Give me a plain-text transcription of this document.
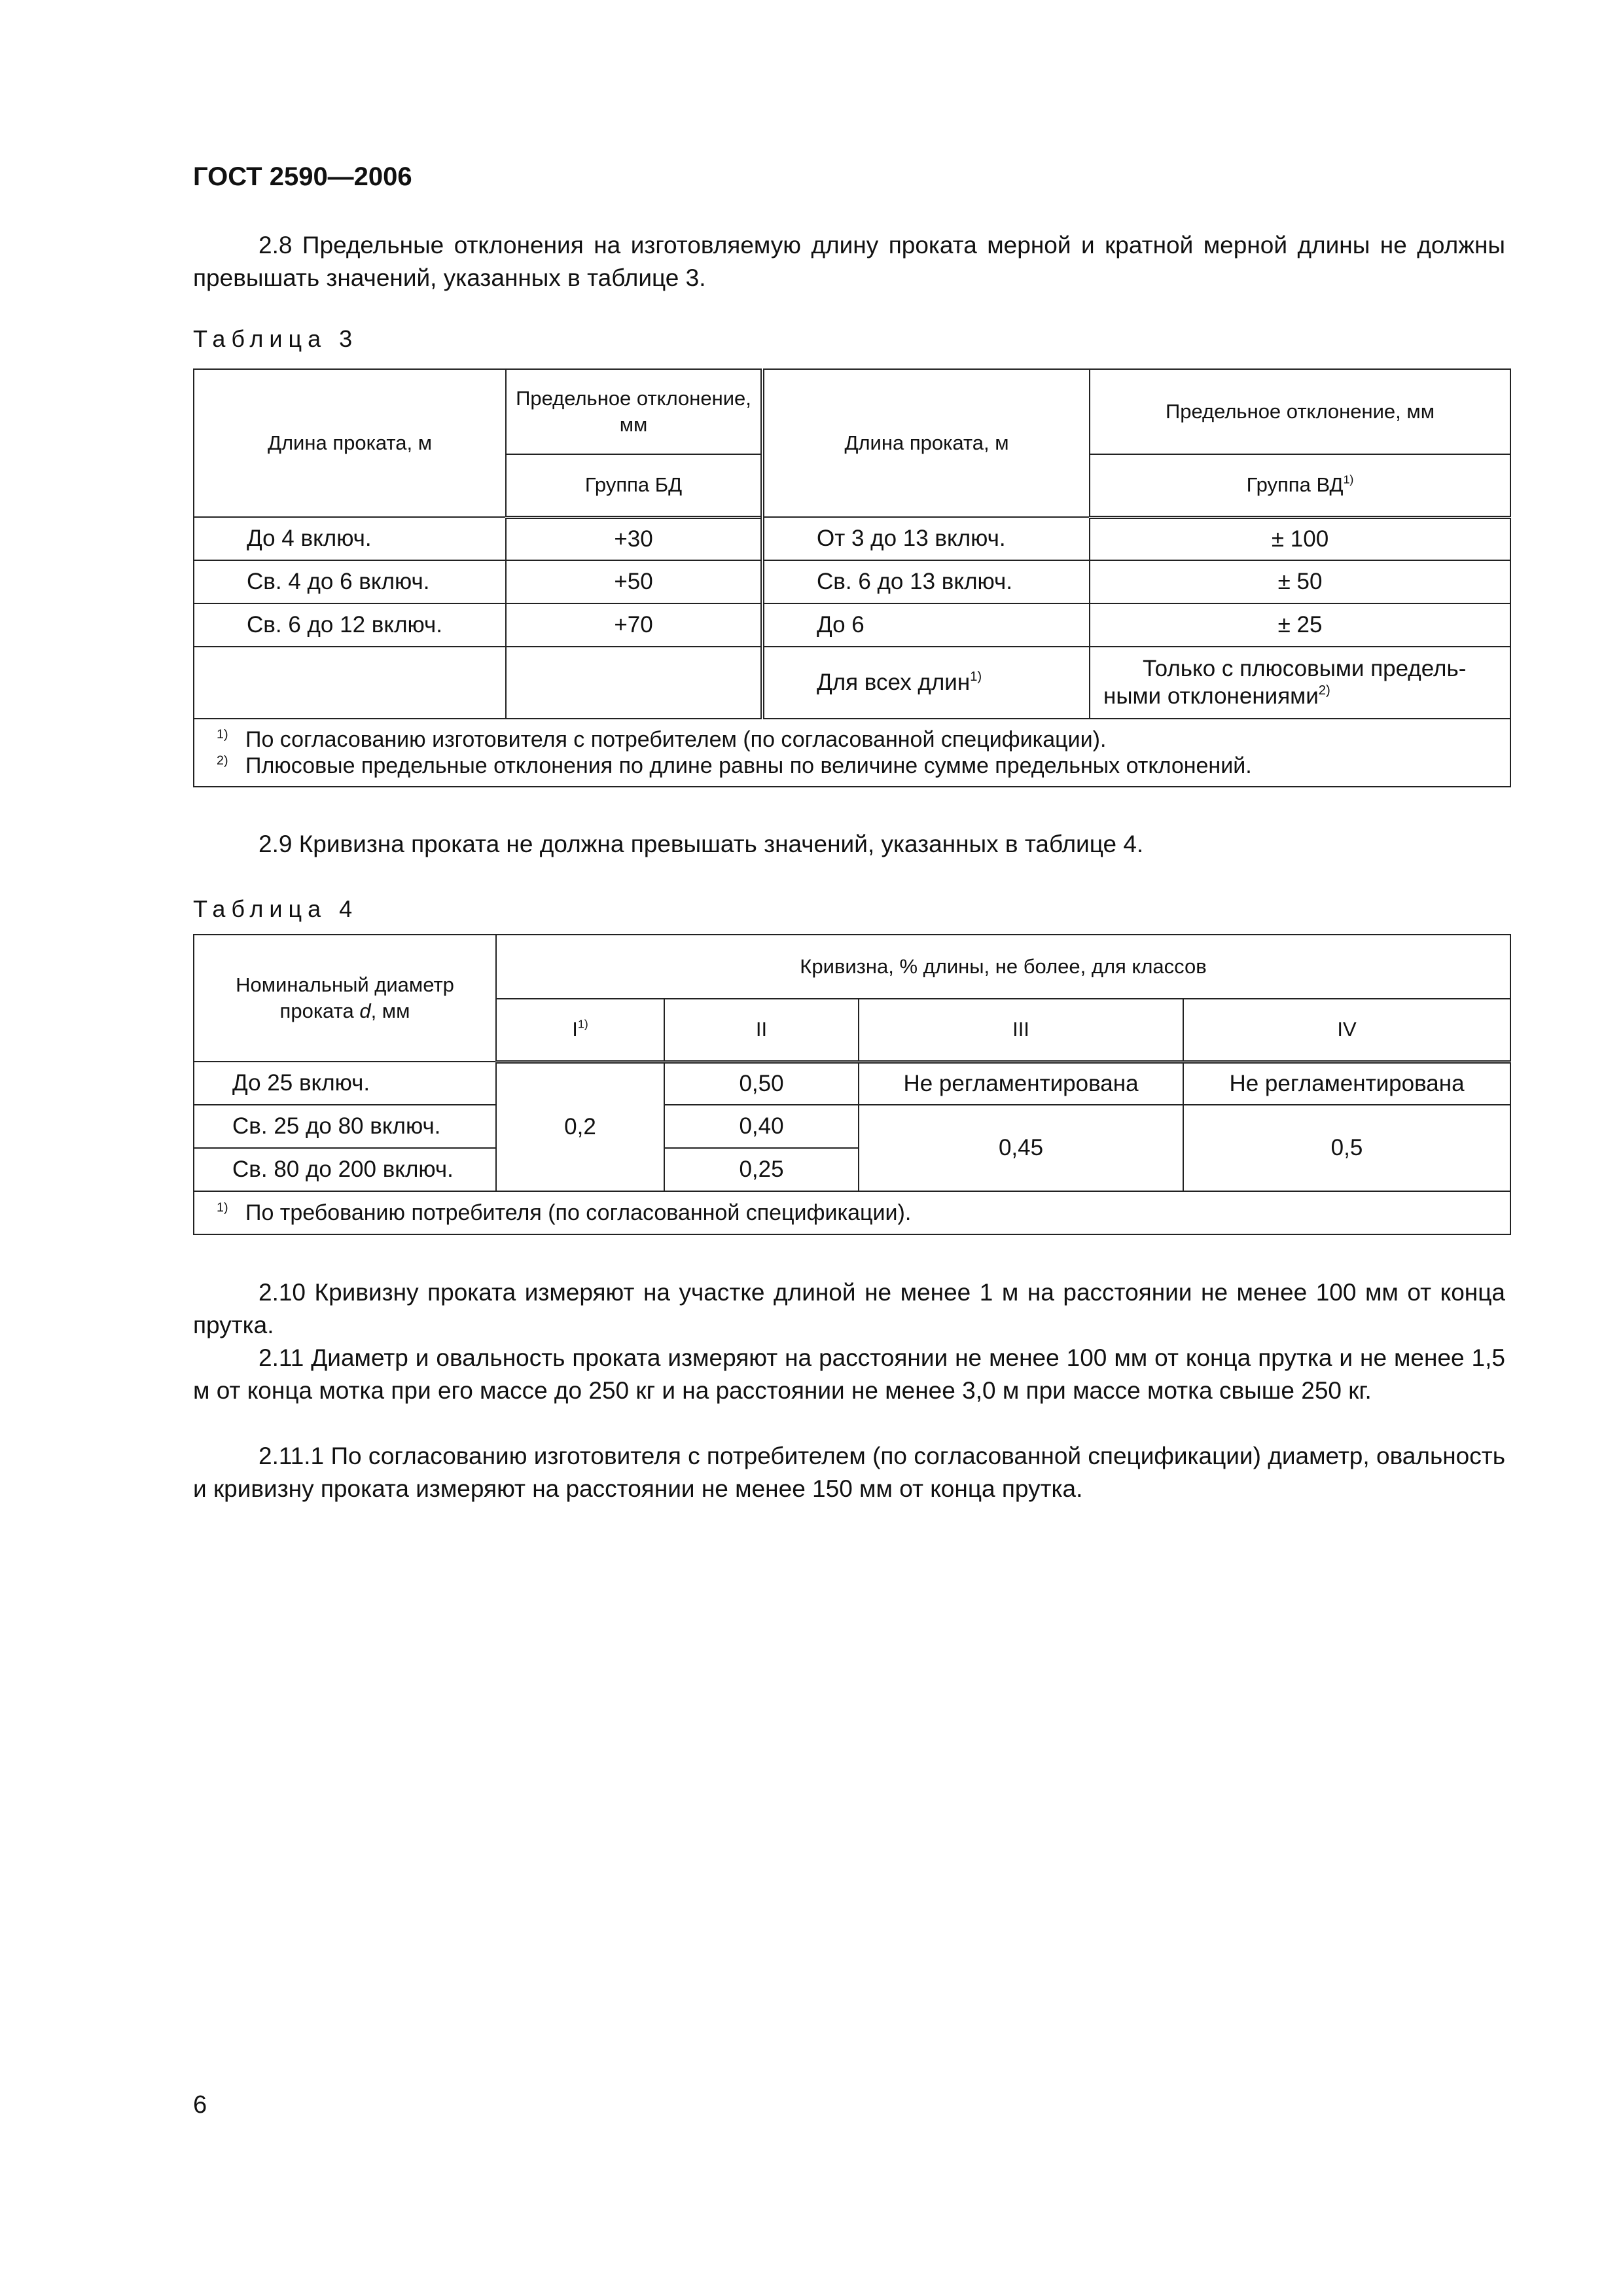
ГОСТ 2590—2006
2.8 Предельные отклонения на изготовляемую длину проката мерной и кратной мерной длины не должны превышать значений, указанных в таблице 3.
Таблица 3
Длина проката, м	Предельное отклонение, мм	Длина проката, м	Предельное отклонение, мм
	Группа БД		Группа ВД$^{1)}$
До 4 включ.	+30	От 3 до 13 включ.	± 100
Св. 4 до 6 включ.	+50	Св. 6 до 13 включ.	± 50
Св. 6 до 12 включ.	+70	До 6	± 25
		Для всех длин$^{1)}$	Только с плюсовыми предельными отклонениями$^{2)}$

1) По согласованию изготовителя с потребителем (по согласованной спецификации).
2) Плюсовые предельные отклонения по длине равны по величине сумме предельных отклонений.			
2.9 Кривизна проката не должна превышать значений, указанных в таблице 4.
Таблица 4
Номинальный диаметр проката d, мм	Кривизна, % длины, не более, для классов			
	$I^{1)}$	II	III	IV
До 25 включ.	0,2	0,50	Не регламентирована	Не регламентирована
Св. 25 до 80 включ.		0,40	0,45	0,5
Св. 80 до 200 включ.		0,25		

1) По требованию потребителя (по согласованной спецификации).				
2.10 Кривизну проката измеряют на участке длиной не менее 1 м на расстоянии не менее 100 мм от конца прутка.
2.11 Диаметр и овальность проката измеряют на расстоянии не менее 100 мм от конца прутка и не менее 1,5 м от конца мотка при его массе до 250 кг и на расстоянии не менее 3,0 м при массе мотка свыше 250 кг.
2.11.1 По согласованию изготовителя с потребителем (по согласованной спецификации) диаметр, овальность и кривизну проката измеряют на расстоянии не менее 150 мм от конца прутка.
6
